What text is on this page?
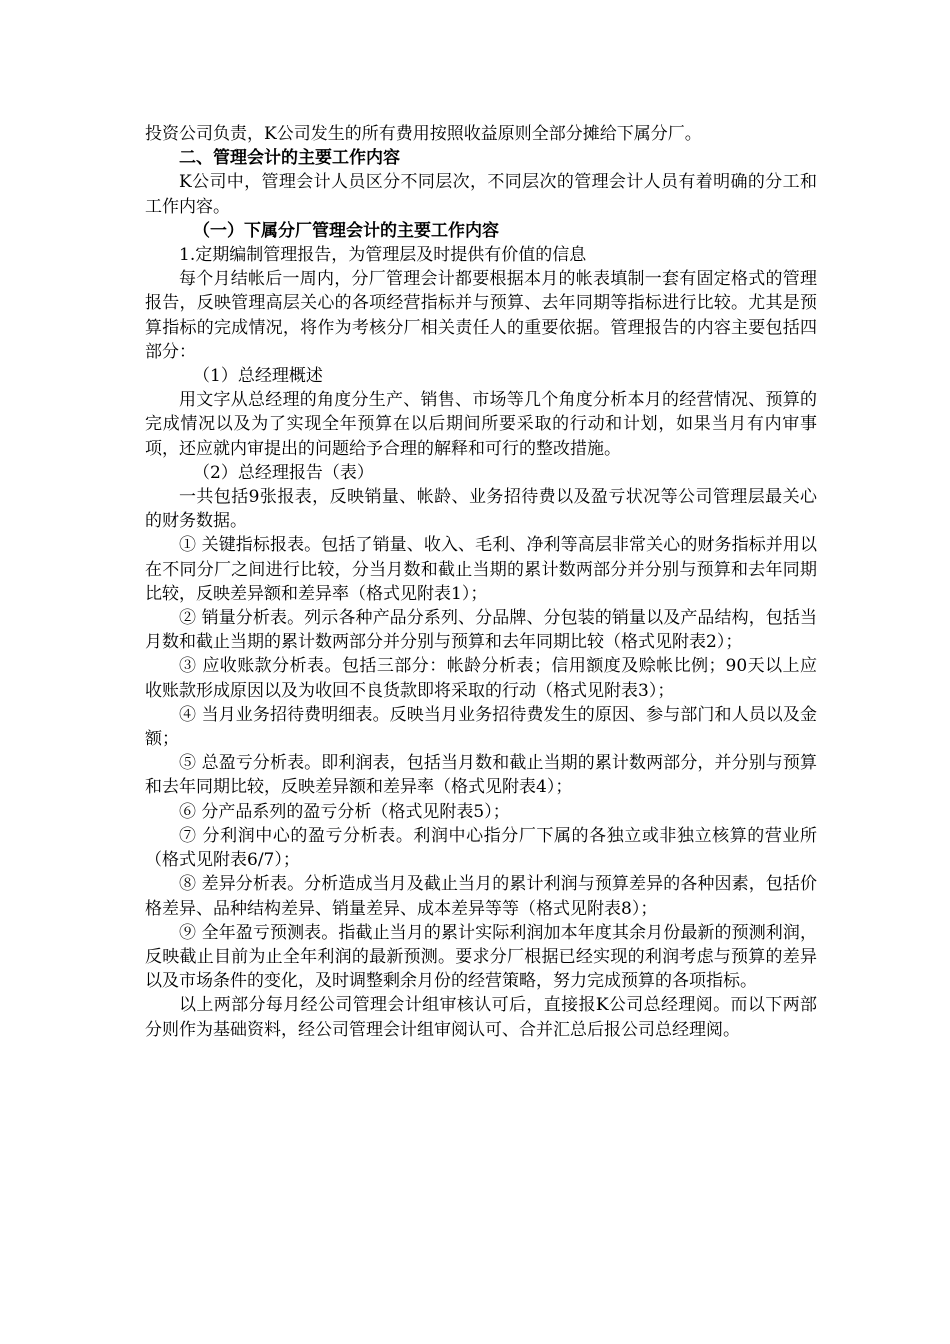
投资公司负责，K公司发生的所有费用按照收益原则全部分摊给下属分厂。

二、管理会计的主要工作内容

K公司中，管理会计人员区分不同层次，不同层次的管理会计人员有着明确的分工和工作内容。

（一）下属分厂管理会计的主要工作内容

1.定期编制管理报告，为管理层及时提供有价值的信息

每个月结帐后一周内，分厂管理会计都要根据本月的帐表填制一套有固定格式的管理报告，反映管理高层关心的各项经营指标并与预算、去年同期等指标进行比较。尤其是预算指标的完成情况，将作为考核分厂相关责任人的重要依据。管理报告的内容主要包括四部分：

（1）总经理概述

用文字从总经理的角度分生产、销售、市场等几个角度分析本月的经营情况、预算的完成情况以及为了实现全年预算在以后期间所要采取的行动和计划，如果当月有内审事项，还应就内审提出的问题给予合理的解释和可行的整改措施。

（2）总经理报告（表）

一共包括9张报表，反映销量、帐龄、业务招待费以及盈亏状况等公司管理层最关心的财务数据。

① 关键指标报表。包括了销量、收入、毛利、净利等高层非常关心的财务指标并用以在不同分厂之间进行比较，分当月数和截止当期的累计数两部分并分别与预算和去年同期比较，反映差异额和差异率（格式见附表1）；

② 销量分析表。列示各种产品分系列、分品牌、分包装的销量以及产品结构，包括当月数和截止当期的累计数两部分并分别与预算和去年同期比较（格式见附表2）；

③ 应收账款分析表。包括三部分：帐龄分析表；信用额度及赊帐比例；90天以上应收账款形成原因以及为收回不良货款即将采取的行动（格式见附表3）；

④ 当月业务招待费明细表。反映当月业务招待费发生的原因、参与部门和人员以及金额；

⑤ 总盈亏分析表。即利润表，包括当月数和截止当期的累计数两部分，并分别与预算和去年同期比较，反映差异额和差异率（格式见附表4）；

⑥ 分产品系列的盈亏分析（格式见附表5）；

⑦ 分利润中心的盈亏分析表。利润中心指分厂下属的各独立或非独立核算的营业所（格式见附表6/7）；

⑧ 差异分析表。分析造成当月及截止当月的累计利润与预算差异的各种因素，包括价格差异、品种结构差异、销量差异、成本差异等等（格式见附表8）；

⑨ 全年盈亏预测表。指截止当月的累计实际利润加本年度其余月份最新的预测利润，反映截止目前为止全年利润的最新预测。要求分厂根据已经实现的利润考虑与预算的差异以及市场条件的变化，及时调整剩余月份的经营策略，努力完成预算的各项指标。

以上两部分每月经公司管理会计组审核认可后，直接报K公司总经理阅。而以下两部分则作为基础资料，经公司管理会计组审阅认可、合并汇总后报公司总经理阅。
